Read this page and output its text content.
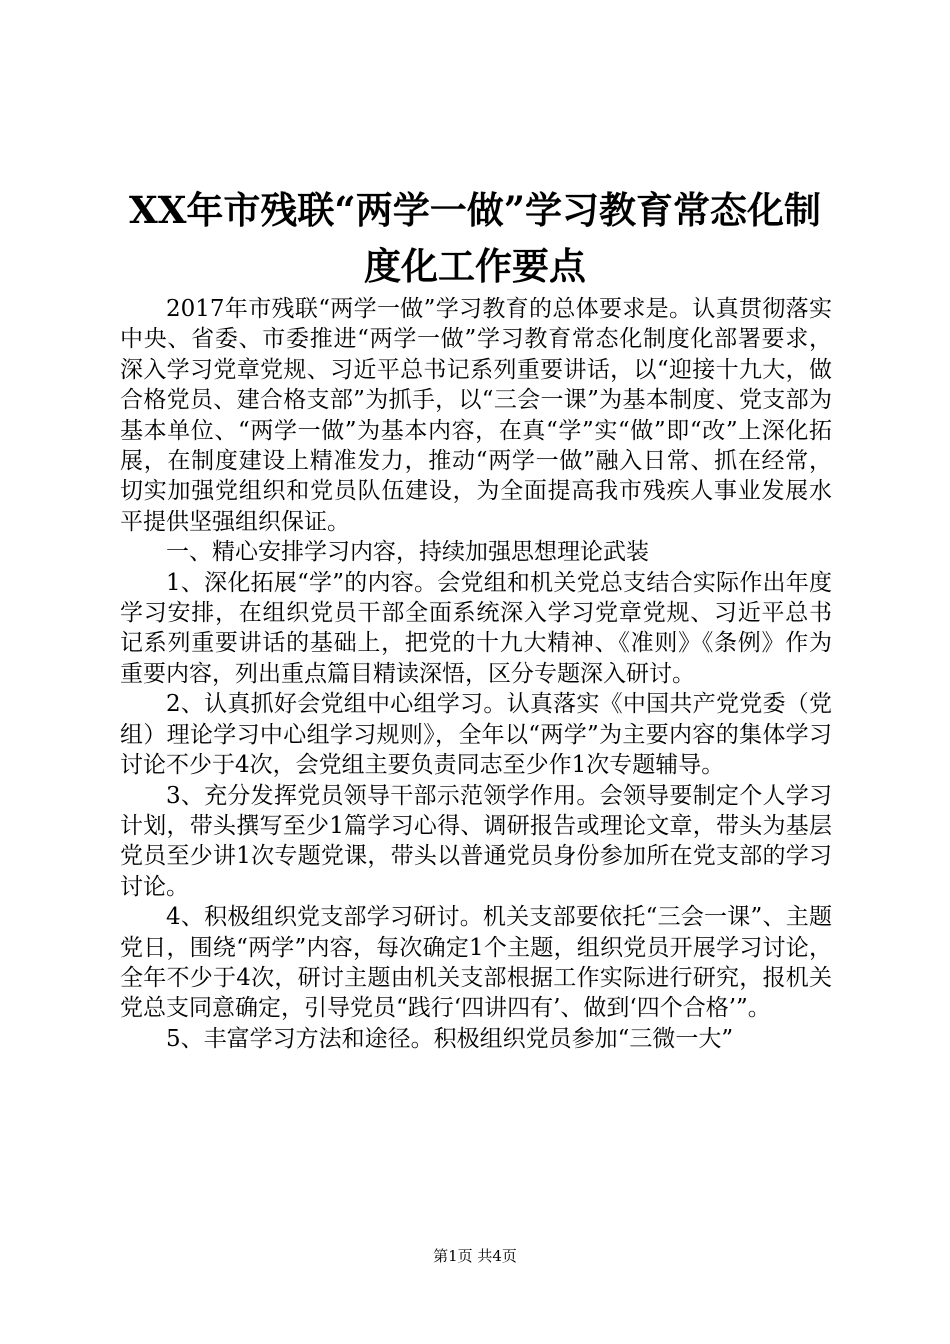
XX年市残联“两学一做”学习教育常态化制
度化工作要点

2017年市残联“两学一做”学习教育的总体要求是。认真贯彻落实中央、省委、市委推进“两学一做”学习教育常态化制度化部署要求，深入学习党章党规、习近平总书记系列重要讲话，以“迎接十九大，做合格党员、建合格支部”为抓手，以“三会一课”为基本制度、党支部为基本单位、“两学一做”为基本内容，在真“学”实“做”即“改”上深化拓展，在制度建设上精准发力，推动“两学一做”融入日常、抓在经常，切实加强党组织和党员队伍建设，为全面提高我市残疾人事业发展水平提供坚强组织保证。

一、精心安排学习内容，持续加强思想理论武装

1、深化拓展“学”的内容。会党组和机关党总支结合实际作出年度学习安排，在组织党员干部全面系统深入学习党章党规、习近平总书记系列重要讲话的基础上，把党的十九大精神、《准则》《条例》作为重要内容，列出重点篇目精读深悟，区分专题深入研讨。

2、认真抓好会党组中心组学习。认真落实《中国共产党党委（党组）理论学习中心组学习规则》，全年以“两学”为主要内容的集体学习讨论不少于4次，会党组主要负责同志至少作1次专题辅导。

3、充分发挥党员领导干部示范领学作用。会领导要制定个人学习计划，带头撰写至少1篇学习心得、调研报告或理论文章，带头为基层党员至少讲1次专题党课，带头以普通党员身份参加所在党支部的学习讨论。

4、积极组织党支部学习研讨。机关支部要依托“三会一课”、主题党日，围绕“两学”内容，每次确定1个主题，组织党员开展学习讨论，全年不少于4次，研讨主题由机关支部根据工作实际进行研究，报机关党总支同意确定，引导党员“践行‘四讲四有’、做到‘四个合格’”。

5、丰富学习方法和途径。积极组织党员参加“三微一大”

第1页 共4页
